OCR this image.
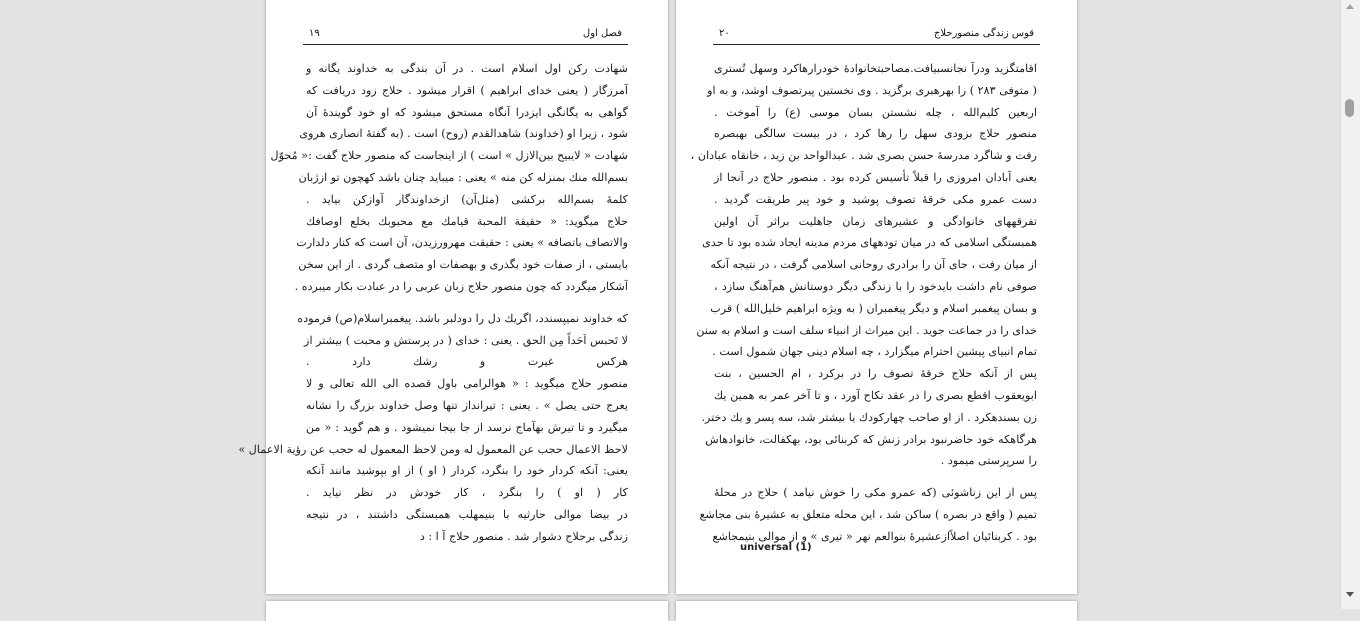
فصل اول
۱۹
شهادت رکن اول اسلام است . در آن بندگی به خداوند یگانه و
آمرزگار ( یعنی خدای ابراهیم ) اقرار میشود . حلاج زود دریافت که
گواهی به یگانگی ایزدرا آنگاه مستحق میشود که او خود گویندهٔ آن
شود ، زیرا او (خداوند) شاهدالقدم (روح) است . (به گفتهٔ انصاری هروی
شهادت « لایبیح بین‌الازل » است ) از اینجاست که منصور حلاج گفت :« مُحوّل
بسم‌الله منك بمنزله کن منه » یعنی : میباید چنان باشد کهچون تو ازژبان
کلمهٔ بسم‌الله برکشی (مثل‌آن) ازخداوندگار آوازکن بیاید .
حلاج میگوید: « حقیقة المحبة قیامك مع محبوبك بخلع اوصافك
والاتصاف باتصافه » یعنی : حقیقت مهرورزیدن، آن است که کنار دلدارت
بایستی ، از صفات خود بگذری و بهصفات او متصف گردی . از این سخن
آشکار میگردد که چون منصور حلاج زبان عربی را در عبادت بکار میبرده .
که خداوند نمیپسندد، اگریك دل را دودلبر باشد. پیغمبراسلام(ص) فرموده
لا تَحبس اَحَداً مِن الحق . یعنی : خدای ( در پرستش و محبت ) بیشتر از
هرکس غیرت و رشك دارد .
منصور حلاج میگوید : « هوالرامی باول قصده الی الله تعالی و لا
یعرج حتی یصل » . یعنی : تیرانداز تنها وصل خداوند بزرگ را نشانه
میگیرد و تا تیرش بهآماج نرسد از جا بیجا نمیشود . و هم گوید : « من
لاحظ الاعمال حجب عن المعمول له ومن لاحظ المعمول له حجب عن رؤیة الاعمال »
یعنی: آنکه کردار خود را بنگرد، کردار ( او ) از او بپوشید مانند آنکه
کار ( او ) را بنگرد ، کار خودش در نظر نیاید .
در بیضا موالی حارثیه با بنیمهلب همبستگی داشتند ، در نتیجه
زندگی برحلاج دشوار شد . منصور حلاج آ ا : د
قوس زندگی منصورحلاج
۲۰
اقامتگزید ودرآ نجانسبیافت.مصاحبتخانوادهٔ خودرارهاکرد وسهل تُستری
( متوفی ۲۸۳ ) را بهرهبری برگزید . وی نخستین پیرتصوف اوشد، و به او
اربعین کلیم‌الله ، چله نشستن بسان موسی (ع) را آموخت .
منصور حلاج بزودی سهل را رها کرد ، در بیست سالگی بهبصره
رفت و شاگرد مدرسهٔ حسن بصری شد . عبدالواحد بن زید ، خانقاه عبادان ،
یعنی آبادان امروزی را قبلاً تأسیس کرده بود . منصور حلاج در آنجا از
دست عمرو مکی خرقهٔ تصوف پوشید و خود پیر طریقت گردید .
تفرقههای خانوادگی و عشیرهای زمان جاهلیت براثر آن اولین
همبستگی اسلامی که در میان تودههای مردم مدینه ایجاد شده بود تا حدی
از میان رفت ، جای آن را برادری روحانی اسلامی گرفت ، در نتیجه آنکه
صوفی نام داشت بایدخود را با زندگی دیگر دوستانش هم‌آهنگ سازد ،
و بسان پیغمبر اسلام و دیگر پیغمبران ( به ویژه ابراهیم خلیل‌الله ) قرب
خدای را در جماعت جوید . این میراث از انبیاء سلف است و اسلام به سنن
تمام انبیای پیشین احترام میگزارد ، چه اسلام دینی جهان شمول است .
پس از آنکه حلاج خرقهٔ تصوف را در برکرد ، ام الحسین ، بنت
ابویعقوب اقطع بصری را در عقد نکاح آورد ، و تا آخر عمر به همین یك
زن بسندهکرد . از او صاحب چهارکودك یا بیشتر شد، سه پسر و یك دختر.
هرگاهکه خود حاضرنبود برادر زنش که کربنائی بود، بهکفالت، خانوادهاش
را سرپرستی میمود .
پس از این زناشوئی (که عمرو مکی را خوش نیامد ) حلاج در محلهٔ
تمیم ( واقع در بصره ) ساکن شد ، این محله متعلق به عشیرهٔ بنی مجاشع
بود . کربنائیان اصلاًازعشیرهٔ بنوالعم نهر « تیری » و از موالی بنیمجاشع
universal (1)
